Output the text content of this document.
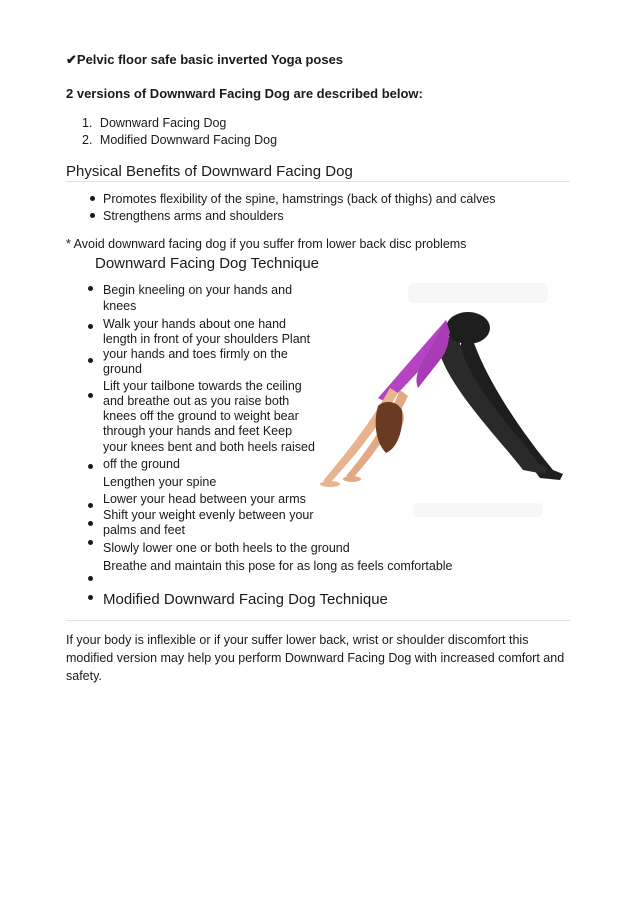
✔Pelvic floor safe basic inverted Yoga poses
2 versions of Downward Facing Dog are described below:
1. Downward Facing Dog
2. Modified Downward Facing Dog
Physical Benefits of Downward Facing Dog
Promotes flexibility of the spine, hamstrings (back of thighs) and calves
Strengthens arms and shoulders
* Avoid downward facing dog if you suffer from lower back disc problems
Downward Facing Dog Technique
Begin kneeling on your hands and
knees
Walk your hands about one hand
length in front of your shoulders Plant
your hands and toes firmly on the
ground
Lift your tailbone towards the ceiling
and breathe out as you raise both
knees off the ground to weight bear
through your hands and feet Keep
your knees bent and both heels raised
off the ground
Lengthen your spine
Lower your head between your arms
Shift your weight evenly between your
palms and feet
Slowly lower one or both heels to the ground
Breathe and maintain this pose for as long as feels comfortable
Modified Downward Facing Dog Technique
If your body is inflexible or if your suffer lower back, wrist or shoulder discomfort this
modified version may help you perform Downward Facing Dog with increased comfort and
safety.
